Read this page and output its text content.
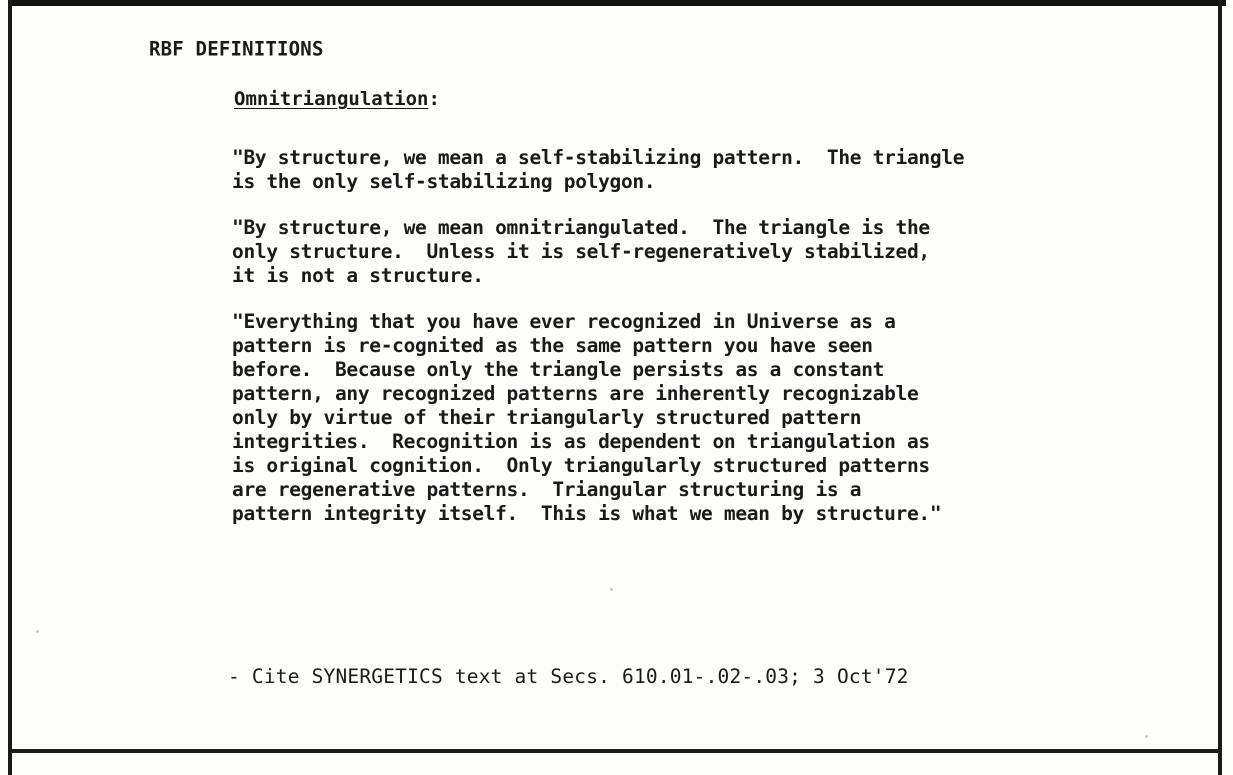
RBF DEFINITIONS
Omnitriangulation:
"By structure, we mean a self-stabilizing pattern.  The triangle
is the only self-stabilizing polygon.
"By structure, we mean omnitriangulated.  The triangle is the
only structure.  Unless it is self-regeneratively stabilized,
it is not a structure.
"Everything that you have ever recognized in Universe as a
pattern is re-cognited as the same pattern you have seen
before.  Because only the triangle persists as a constant
pattern, any recognized patterns are inherently recognizable
only by virtue of their triangularly structured pattern
integrities.  Recognition is as dependent on triangulation as
is original cognition.  Only triangularly structured patterns
are regenerative patterns.  Triangular structuring is a
pattern integrity itself.  This is what we mean by structure."
- Cite SYNERGETICS text at Secs. 610.01-.02-.03; 3 Oct'72
